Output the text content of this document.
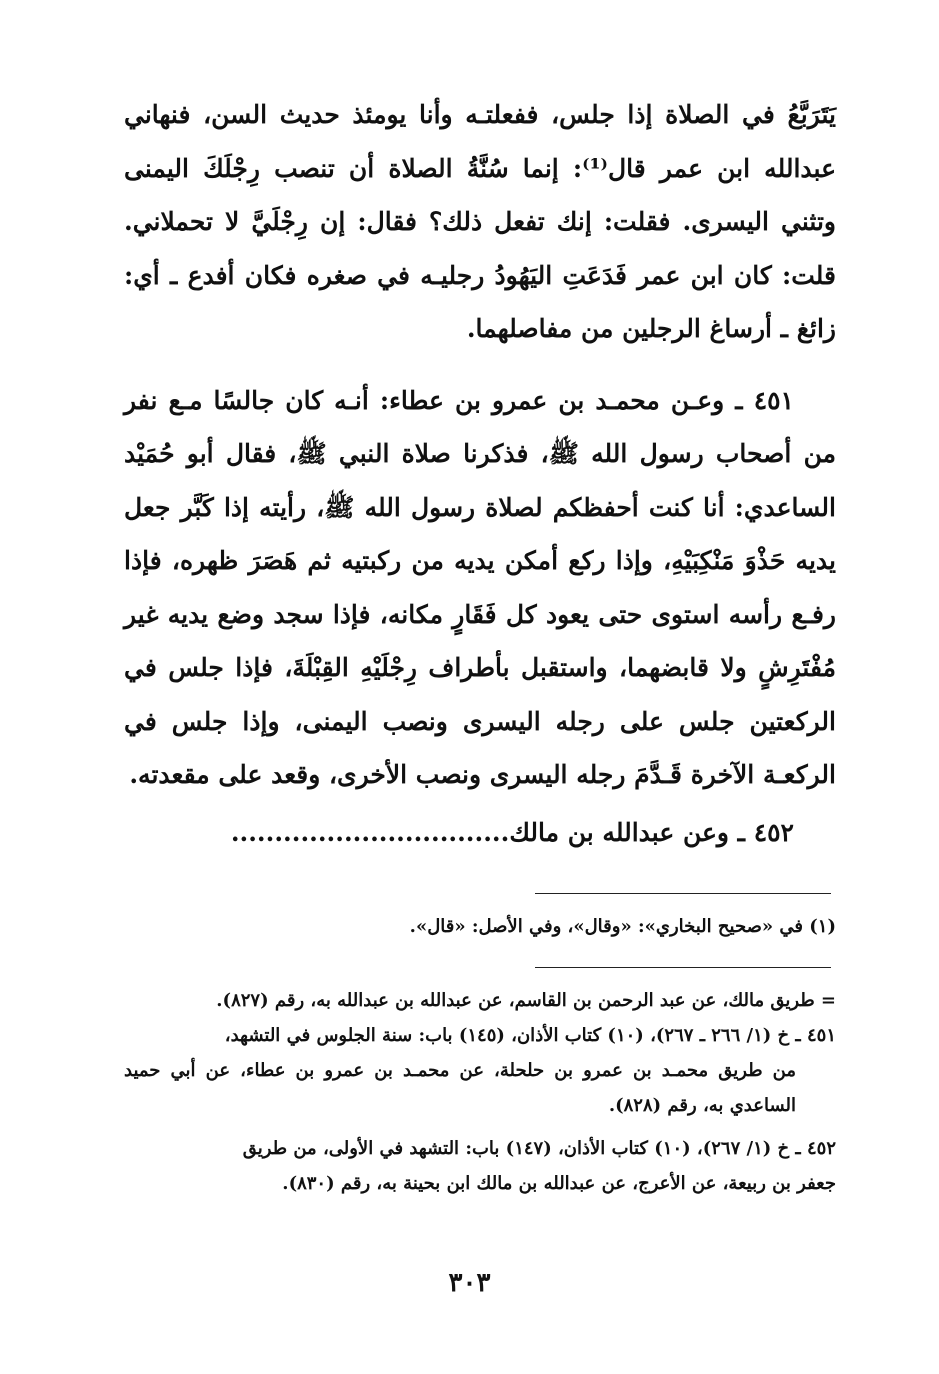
يَتَرَبَّعُ في الصلاة إذا جلس، ففعلتـه وأنا يومئذ حديث السن، فنهاني عبدالله ابن عمر قال⁽¹⁾: إنما سُنَّةُ الصلاة أن تنصب رِجْلَكَ اليمنى وتثني اليسرى. فقلت: إنك تفعل ذلك؟ فقال: إن رِجْلَيَّ لا تحملاني. قلت: كان ابن عمر فَدَعَتِ اليَهُودُ رجليـه في صغره فكان أفدع ـ أي: زائغ ـ أرساغ الرجلين من مفاصلهما.

٤٥١ ـ وعـن محمـد بن عمرو بن عطاء: أنـه كان جالسًا مـع نفر من أصحاب رسول الله ﷺ، فذكرنا صلاة النبي ﷺ، فقال أبو حُمَيْد الساعدي: أنا كنت أحفظكم لصلاة رسول الله ﷺ، رأيته إذا كَبَّر جعل يديه حَذْوَ مَنْكِبَيْهِ، وإذا ركع أمكن يديه من ركبتيه ثم هَصَرَ ظهره، فإذا رفـع رأسه استوى حتى يعود كل فَقَارٍ مكانه، فإذا سجد وضع يديه غير مُفْتَرِشٍ ولا قابضهما، واستقبل بأطراف رِجْلَيْهِ القِبْلَةَ، فإذا جلس في الركعتين جلس على رجله اليسرى ونصب اليمنى، وإذا جلس في الركعـة الآخرة قَـدَّمَ رجله اليسرى ونصب الأخرى، وقعد على مقعدته.

٤٥٢ ـ وعن عبدالله بن مالك................................

(١) في «صحيح البخاري»: «وقال»، وفي الأصل: «قال».

= طريق مالك، عن عبد الرحمن بن القاسم، عن عبدالله بن عبدالله به، رقم (٨٢٧).

٤٥١ ـ خ (١/ ٢٦٦ ـ ٢٦٧)، (١٠) كتاب الأذان، (١٤٥) باب: سنة الجلوس في التشهد،

من طريق محمـد بن عمرو بن حلحلة، عن محمـد بن عمرو بن عطاء، عن أبي حميد الساعدي به، رقم (٨٢٨).

٤٥٢ ـ خ (١/ ٢٦٧)، (١٠) كتاب الأذان، (١٤٧) باب: التشهد في الأولى، من طريق

جعفر بن ربيعة، عن الأعرج، عن عبدالله بن مالك ابن بحينة به، رقم (٨٣٠).

٣٠٣
